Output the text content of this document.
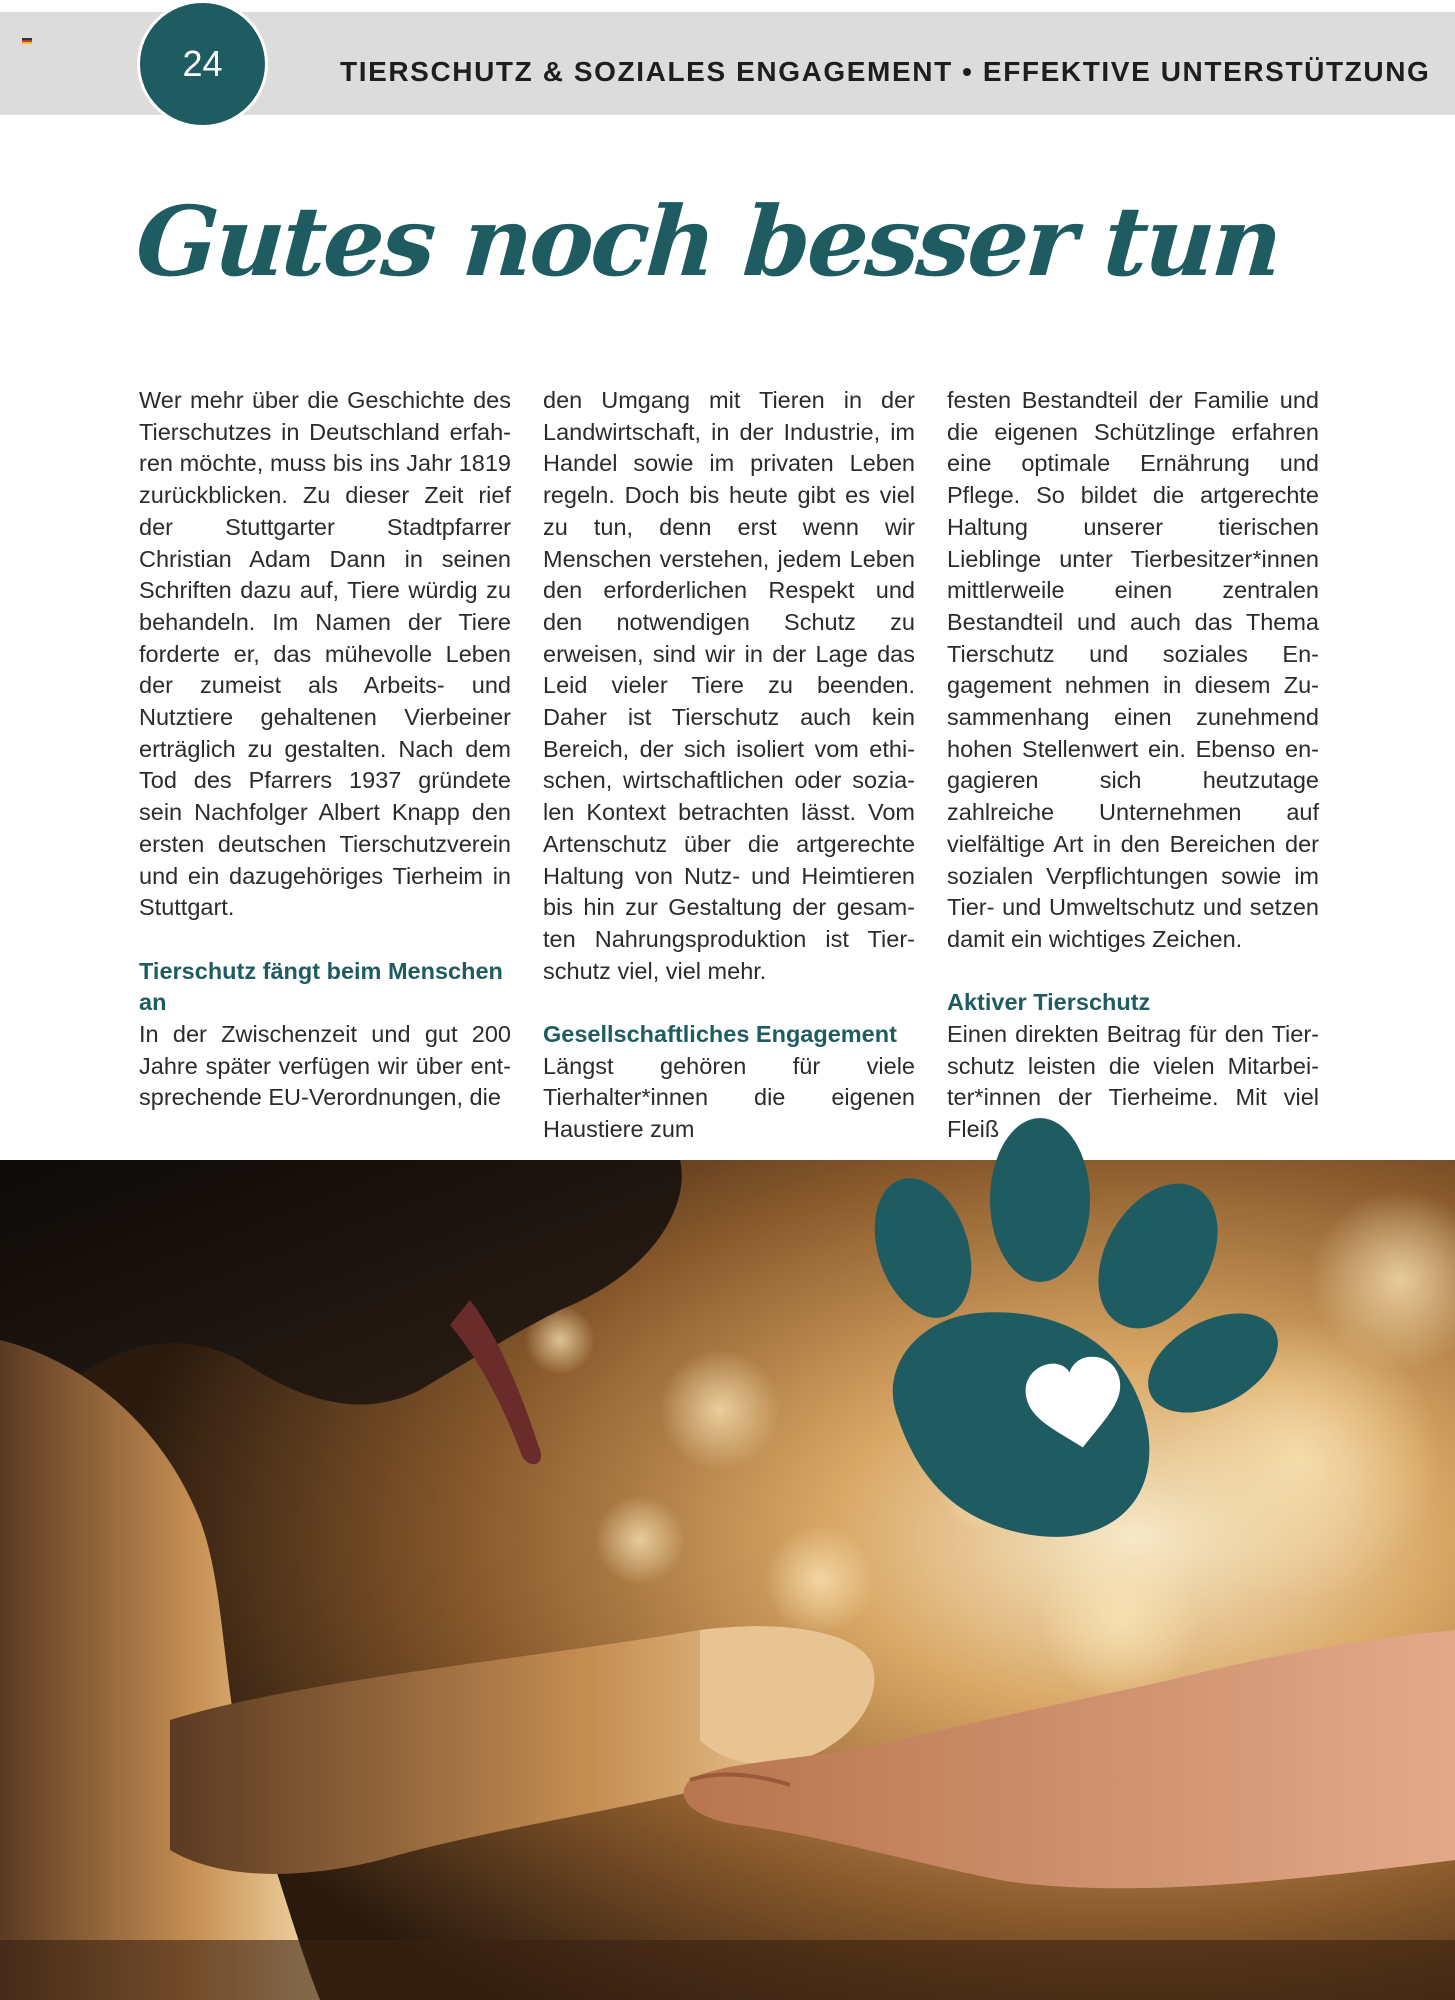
TIERSCHUTZ & SOZIALES ENGAGEMENT • EFFEKTIVE UNTERSTÜTZUNG
24
Gutes noch besser tun

Wer mehr über die Geschichte des Tierschutzes in Deutschland erfahren möchte, muss bis ins Jahr 1819 zurückblicken. Zu dieser Zeit rief der Stuttgarter Stadtpfarrer Christian Adam Dann in seinen Schriften dazu auf, Tiere würdig zu behandeln. Im Namen der Tiere forderte er, das mühevolle Leben der zumeist als Arbeits- und Nutztiere gehaltenen Vierbeiner erträglich zu gestalten. Nach dem Tod des Pfarrers 1937 gründete sein Nachfolger Albert Knapp den ersten deutschen Tierschutzverein und ein dazugehöriges Tierheim in Stuttgart.

Tierschutz fängt beim Menschen an

In der Zwischenzeit und gut 200 Jahre später verfügen wir über entsprechende EU-Verordnungen, die

den Umgang mit Tieren in der Landwirtschaft, in der Industrie, im Handel sowie im privaten Leben regeln. Doch bis heute gibt es viel zu tun, denn erst wenn wir Menschen verstehen, jedem Leben den erforderlichen Respekt und den notwendigen Schutz zu erweisen, sind wir in der Lage das Leid vieler Tiere zu beenden. Daher ist Tierschutz auch kein Bereich, der sich isoliert vom ethischen, wirtschaftlichen oder sozialen Kontext betrachten lässt. Vom Artenschutz über die artgerechte Haltung von Nutz- und Heimtieren bis hin zur Gestaltung der gesamten Nahrungsproduktion ist Tierschutz viel, viel mehr.

Gesellschaftliches Engagement

Längst gehören für viele Tierhalter*innen die eigenen Haustiere zum

festen Bestandteil der Familie und die eigenen Schützlinge erfahren eine optimale Ernährung und Pflege. So bildet die artgerechte Haltung unserer tierischen Lieblinge unter Tierbesitzer*innen mittlerweile einen zentralen Bestandteil und auch das Thema Tierschutz und soziales Engagement nehmen in diesem Zusammenhang einen zunehmend hohen Stellenwert ein. Ebenso engagieren sich heutzutage zahlreiche Unternehmen auf vielfältige Art in den Bereichen der sozialen Verpflichtungen sowie im Tier- und Umweltschutz und setzen damit ein wichtiges Zeichen.

Aktiver Tierschutz

Einen direkten Beitrag für den Tierschutz leisten die vielen Mitarbeiter*innen der Tierheime. Mit viel Fleiß
